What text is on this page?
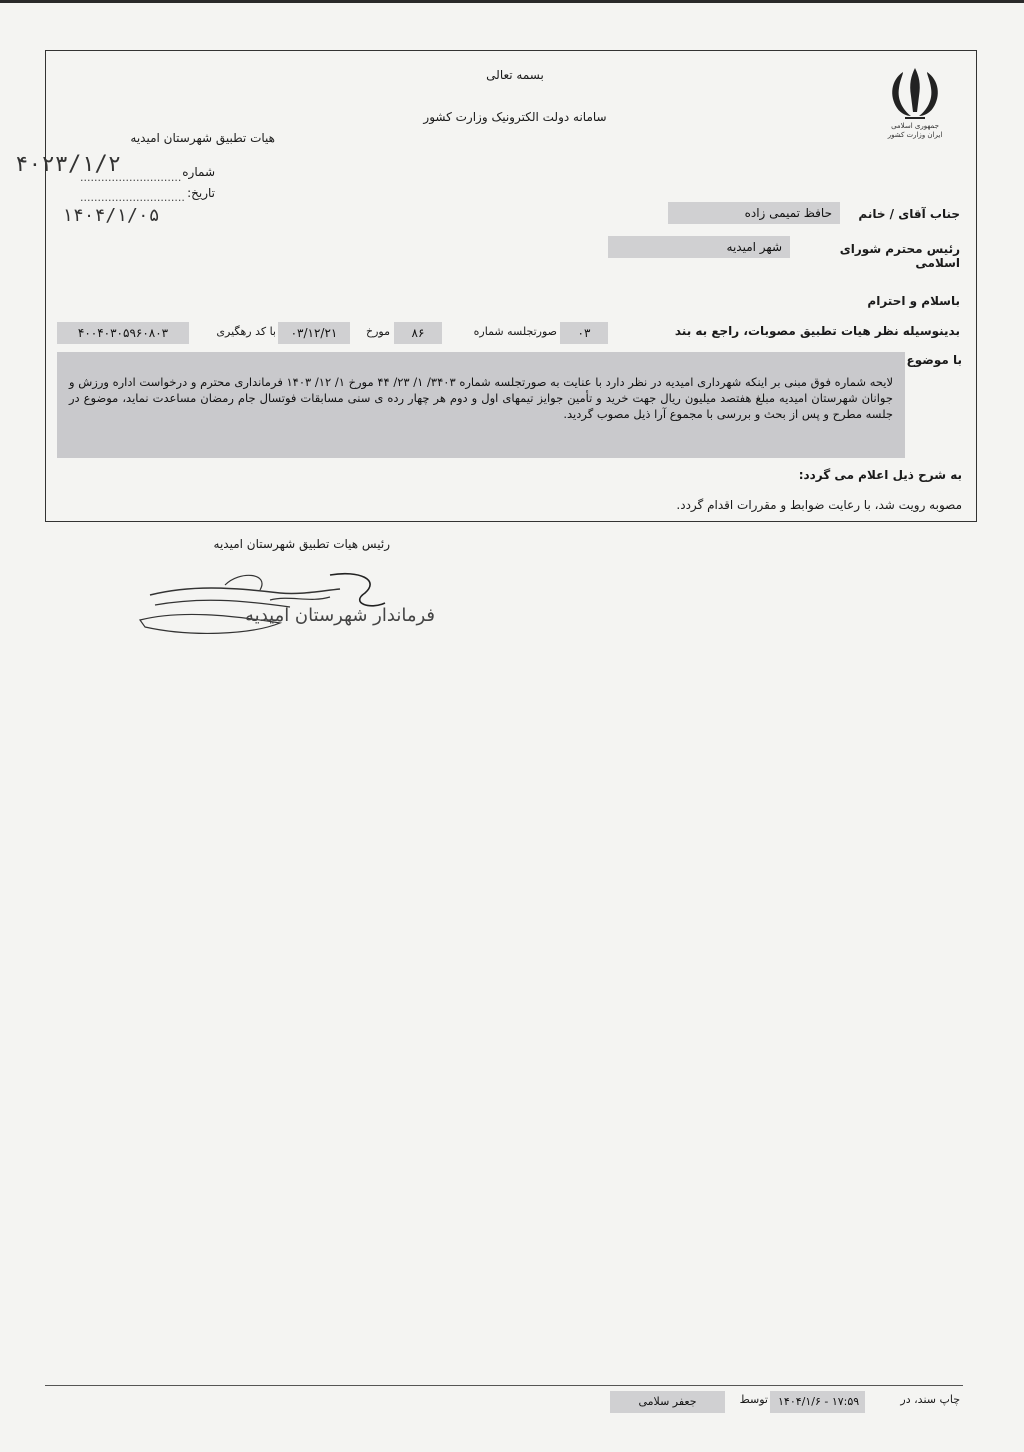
جمهوری اسلامی ایران وزارت کشور
بسمه تعالی
سامانه دولت الکترونیک وزارت کشور
هیات تطبیق شهرستان امیدیه
شماره
.............................
۴۰۲۳/۱/۲
تاریخ:
..............................
۱۴۰۴/۱/۰۵	جناب آقای / خانم
حافظ تمیمی زاده
رئیس محترم شورای اسلامی
شهر امیدیه
باسلام و احترام
بدینوسیله نظر هیات تطبیق مصوبات، راجع به بند
۰۳
صورتجلسه شماره
۸۶
مورخ
۰۳/۱۲/۲۱
با کد رهگیری
۴۰۰۴۰۳۰۵۹۶۰۸۰۳
با موضوع
لایحه شماره فوق مبنی بر اینکه شهرداری امیدیه در نظر دارد با عنایت به صورتجلسه شماره ۳۴۰۳/ ۱/ ۲۳/ ۴۴ مورخ ۱/ ۱۲/ ۱۴۰۳ فرمانداری محترم و درخواست اداره ورزش و جوانان شهرستان امیدیه مبلغ هفتصد میلیون ریال جهت خرید و تأمین جوایز تیمهای اول و دوم هر چهار رده ی سنی مسابقات فوتسال جام رمضان مساعدت نماید، موضوع در جلسه مطرح و پس از بحث و بررسی با مجموع آرا ذیل مصوب گردید.
به شرح ذیل اعلام می گردد:
مصوبه رویت شد، با رعایت ضوابط و مقررات اقدام گردد.
رئیس هیات تطبیق شهرستان امیدیه
فرماندار شهرستان امیدیه
چاپ سند، در
۱۴۰۴/۱/۶ - ۱۷:۵۹
توسط
جعفر سلامی
